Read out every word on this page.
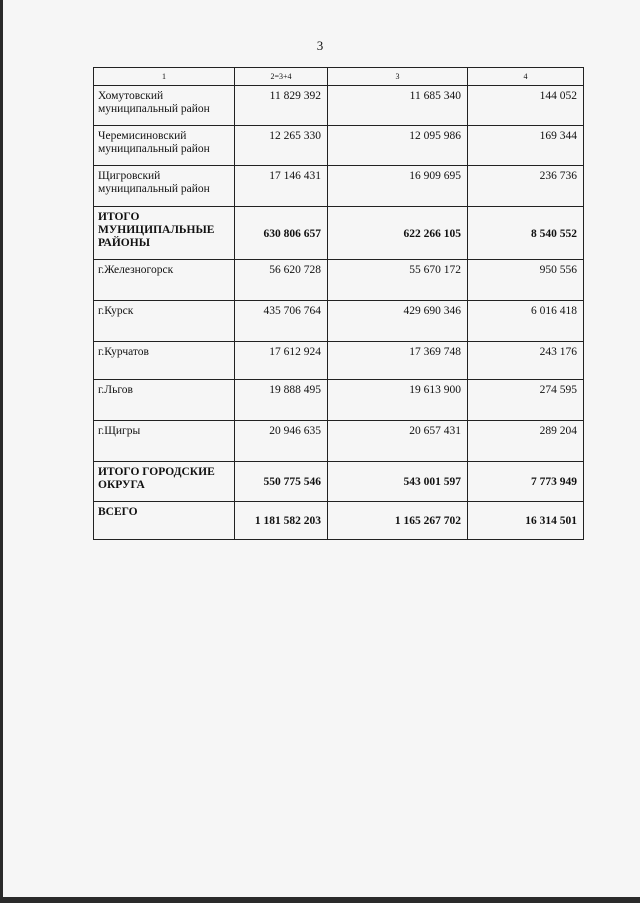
3
1	2=3+4	3	4
Хомутовский муниципальный район	11 829 392	11 685 340	144 052
Черемисиновский муниципальный район	12 265 330	12 095 986	169 344
Щигровский муниципальный район	17 146 431	16 909 695	236 736
ИТОГО МУНИЦИПАЛЬНЫЕ РАЙОНЫ	630 806 657	622 266 105	8 540 552
г.Железногорск	56 620 728	55 670 172	950 556
г.Курск	435 706 764	429 690 346	6 016 418
г.Курчатов	17 612 924	17 369 748	243 176
г.Льгов	19 888 495	19 613 900	274 595
г.Щигры	20 946 635	20 657 431	289 204
ИТОГО ГОРОДСКИЕ ОКРУГА	550 775 546	543 001 597	7 773 949
ВСЕГО	1 181 582 203	1 165 267 702	16 314 501
